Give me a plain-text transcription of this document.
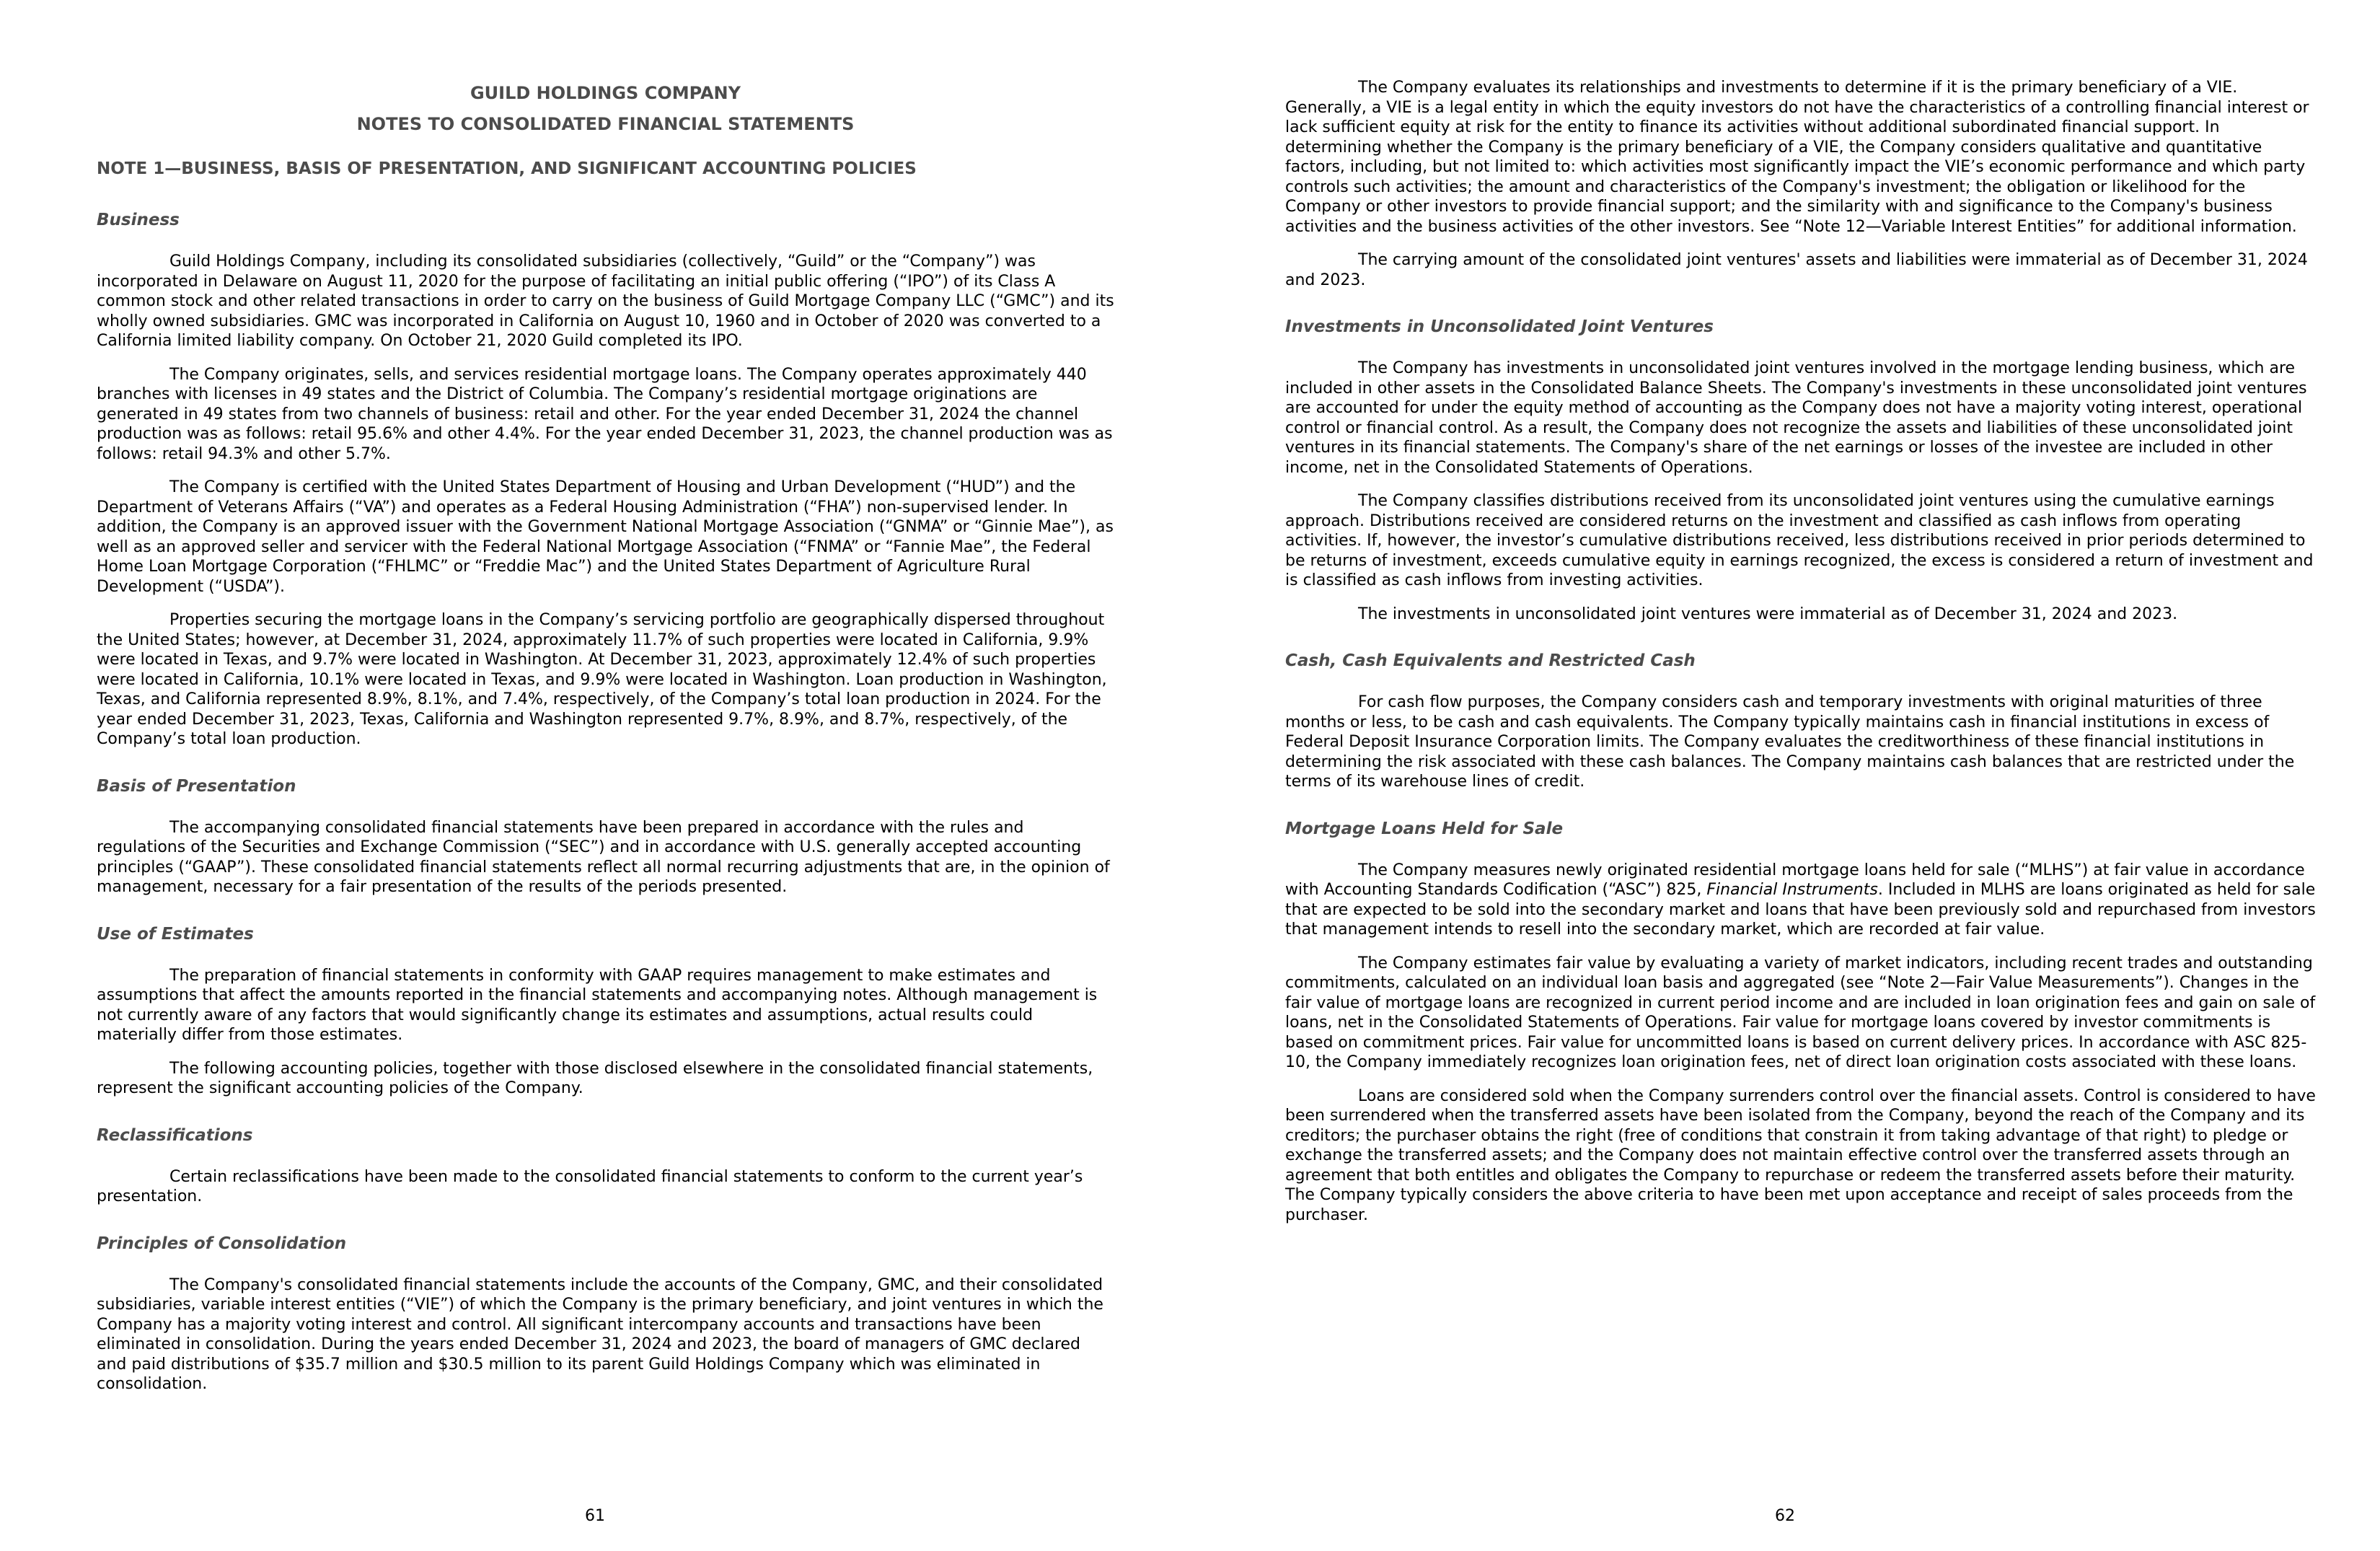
GUILD HOLDINGS COMPANY
NOTES TO CONSOLIDATED FINANCIAL STATEMENTS
NOTE 1—BUSINESS, BASIS OF PRESENTATION, AND SIGNIFICANT ACCOUNTING POLICIES
Business

Guild Holdings Company, including its consolidated subsidiaries (collectively, “Guild” or the “Company”) was incorporated in Delaware on August 11, 2020 for the purpose of facilitating an initial public offering (“IPO”) of its Class A common stock and other related transactions in order to carry on the business of Guild Mortgage Company LLC (“GMC”) and its wholly owned subsidiaries. GMC was incorporated in California on August 10, 1960 and in October of 2020 was converted to a California limited liability company. On October 21, 2020 Guild completed its IPO.

The Company originates, sells, and services residential mortgage loans. The Company operates approximately 440 branches with licenses in 49 states and the District of Columbia. The Company’s residential mortgage originations are generated in 49 states from two channels of business: retail and other. For the year ended December 31, 2024 the channel production was as follows: retail 95.6% and other 4.4%. For the year ended December 31, 2023, the channel production was as follows: retail 94.3% and other 5.7%.

The Company is certified with the United States Department of Housing and Urban Development (“HUD”) and the Department of Veterans Affairs (“VA”) and operates as a Federal Housing Administration (“FHA”) non-supervised lender. In addition, the Company is an approved issuer with the Government National Mortgage Association (“GNMA” or “Ginnie Mae”), as well as an approved seller and servicer with the Federal National Mortgage Association (“FNMA” or “Fannie Mae”, the Federal Home Loan Mortgage Corporation (“FHLMC” or “Freddie Mac”) and the United States Department of Agriculture Rural Development (“USDA”).

Properties securing the mortgage loans in the Company’s servicing portfolio are geographically dispersed throughout the United States; however, at December 31, 2024, approximately 11.7% of such properties were located in California, 9.9% were located in Texas, and 9.7% were located in Washington. At December 31, 2023, approximately 12.4% of such properties were located in California, 10.1% were located in Texas, and 9.9% were located in Washington. Loan production in Washington, Texas, and California represented 8.9%, 8.1%, and 7.4%, respectively, of the Company’s total loan production in 2024. For the year ended December 31, 2023, Texas, California and Washington represented 9.7%, 8.9%, and 8.7%, respectively, of the Company’s total loan production.

Basis of Presentation

The accompanying consolidated financial statements have been prepared in accordance with the rules and regulations of the Securities and Exchange Commission (“SEC”) and in accordance with U.S. generally accepted accounting principles (“GAAP”). These consolidated financial statements reflect all normal recurring adjustments that are, in the opinion of management, necessary for a fair presentation of the results of the periods presented.

Use of Estimates

The preparation of financial statements in conformity with GAAP requires management to make estimates and assumptions that affect the amounts reported in the financial statements and accompanying notes. Although management is not currently aware of any factors that would significantly change its estimates and assumptions, actual results could materially differ from those estimates.

The following accounting policies, together with those disclosed elsewhere in the consolidated financial statements, represent the significant accounting policies of the Company.

Reclassifications

Certain reclassifications have been made to the consolidated financial statements to conform to the current year’s presentation.

Principles of Consolidation

The Company's consolidated financial statements include the accounts of the Company, GMC, and their consolidated subsidiaries, variable interest entities (“VIE”) of which the Company is the primary beneficiary, and joint ventures in which the Company has a majority voting interest and control. All significant intercompany accounts and transactions have been eliminated in consolidation. During the years ended December 31, 2024 and 2023, the board of managers of GMC declared and paid distributions of $35.7 million and $30.5 million to its parent Guild Holdings Company which was eliminated in consolidation.

61

The Company evaluates its relationships and investments to determine if it is the primary beneficiary of a VIE. Generally, a VIE is a legal entity in which the equity investors do not have the characteristics of a controlling financial interest or lack sufficient equity at risk for the entity to finance its activities without additional subordinated financial support. In determining whether the Company is the primary beneficiary of a VIE, the Company considers qualitative and quantitative factors, including, but not limited to: which activities most significantly impact the VIE’s economic performance and which party controls such activities; the amount and characteristics of the Company's investment; the obligation or likelihood for the Company or other investors to provide financial support; and the similarity with and significance to the Company's business activities and the business activities of the other investors. See “Note 12—Variable Interest Entities” for additional information.

The carrying amount of the consolidated joint ventures' assets and liabilities were immaterial as of December 31, 2024 and 2023.

Investments in Unconsolidated Joint Ventures

The Company has investments in unconsolidated joint ventures involved in the mortgage lending business, which are included in other assets in the Consolidated Balance Sheets. The Company's investments in these unconsolidated joint ventures are accounted for under the equity method of accounting as the Company does not have a majority voting interest, operational control or financial control. As a result, the Company does not recognize the assets and liabilities of these unconsolidated joint ventures in its financial statements. The Company's share of the net earnings or losses of the investee are included in other income, net in the Consolidated Statements of Operations.

The Company classifies distributions received from its unconsolidated joint ventures using the cumulative earnings approach. Distributions received are considered returns on the investment and classified as cash inflows from operating activities. If, however, the investor’s cumulative distributions received, less distributions received in prior periods determined to be returns of investment, exceeds cumulative equity in earnings recognized, the excess is considered a return of investment and is classified as cash inflows from investing activities.

The investments in unconsolidated joint ventures were immaterial as of December 31, 2024 and 2023.

Cash, Cash Equivalents and Restricted Cash

For cash flow purposes, the Company considers cash and temporary investments with original maturities of three months or less, to be cash and cash equivalents. The Company typically maintains cash in financial institutions in excess of Federal Deposit Insurance Corporation limits. The Company evaluates the creditworthiness of these financial institutions in determining the risk associated with these cash balances. The Company maintains cash balances that are restricted under the terms of its warehouse lines of credit.

Mortgage Loans Held for Sale

The Company measures newly originated residential mortgage loans held for sale (“MLHS”) at fair value in accordance with Accounting Standards Codification (“ASC”) 825, Financial Instruments. Included in MLHS are loans originated as held for sale that are expected to be sold into the secondary market and loans that have been previously sold and repurchased from investors that management intends to resell into the secondary market, which are recorded at fair value.

The Company estimates fair value by evaluating a variety of market indicators, including recent trades and outstanding commitments, calculated on an individual loan basis and aggregated (see “Note 2—Fair Value Measurements”). Changes in the fair value of mortgage loans are recognized in current period income and are included in loan origination fees and gain on sale of loans, net in the Consolidated Statements of Operations. Fair value for mortgage loans covered by investor commitments is based on commitment prices. Fair value for uncommitted loans is based on current delivery prices. In accordance with ASC 825-10, the Company immediately recognizes loan origination fees, net of direct loan origination costs associated with these loans.

Loans are considered sold when the Company surrenders control over the financial assets. Control is considered to have been surrendered when the transferred assets have been isolated from the Company, beyond the reach of the Company and its creditors; the purchaser obtains the right (free of conditions that constrain it from taking advantage of that right) to pledge or exchange the transferred assets; and the Company does not maintain effective control over the transferred assets through an agreement that both entitles and obligates the Company to repurchase or redeem the transferred assets before their maturity. The Company typically considers the above criteria to have been met upon acceptance and receipt of sales proceeds from the purchaser.

62
